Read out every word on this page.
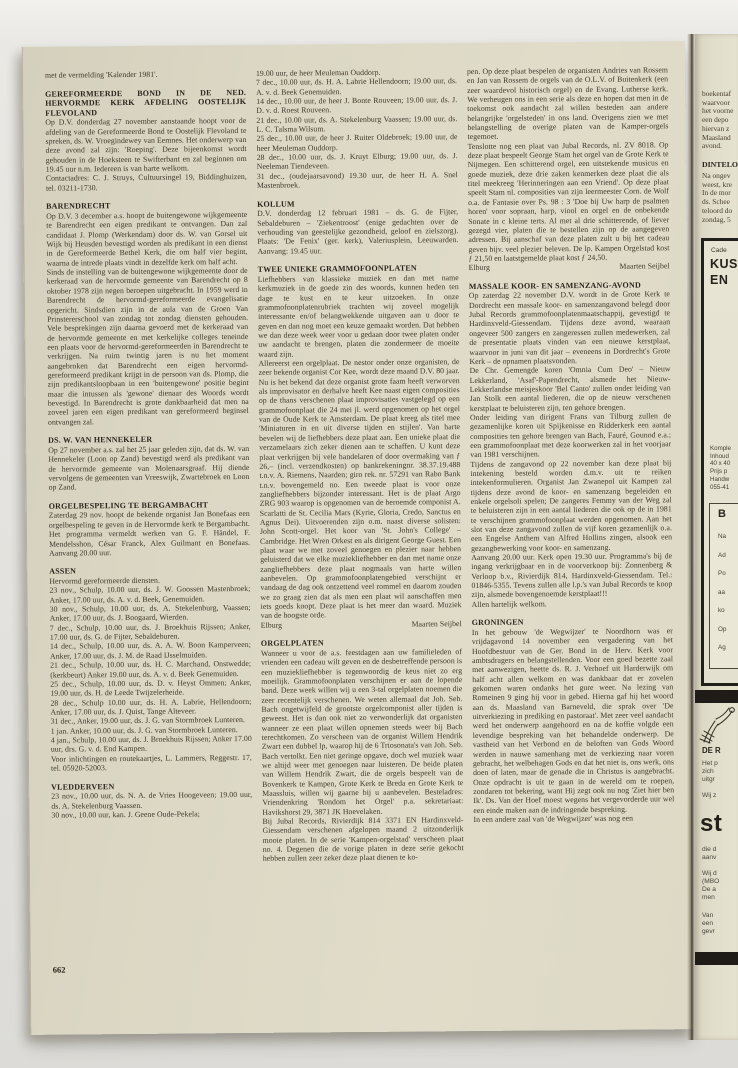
met de vermelding 'Kalender 1981'.
GEREFORMEERDE BOND IN DE NED. HERVORMDE KERK AFDELING OOSTELIJK FLEVOLAND
Op D.V. donderdag 27 november aanstaande hoopt voor de afdeling van de Gereformeerde Bond te Oostelijk Flevoland te spreken, ds. W. Vroegindewey van Eemnes. Het onderwerp van deze avond zal zijn: 'Roeping'. Deze bijeenkomst wordt gehouden in de Hoeksteen te Swifterbant en zal beginnen om 19.45 uur n.m. Iedereen is van harte welkom.
Contactadres: C. J. Struys, Cultuursingel 19, Biddinghuizen, tel. 03211-1730.
BARENDRECHT
Op D.V. 3 december a.s. hoopt de buitengewone wijkgemeente te Barendrecht een eigen predikant te ontvangen. Dan zal candidaat J. Plomp (Werkendam) door ds. W. van Gorsel uit Wijk bij Heusden bevestigd worden als predikant in een dienst in de Gereformeerde Bethel Kerk, die om half vier begint, waarna de intrede plaats vindt in dezelfde kerk om half acht.
Sinds de instelling van de buitengewone wijkgemeente door de kerkeraad van de hervormde gemeente van Barendrecht op 8 oktober 1978 zijn negen beroepen uitgebracht. In 1959 werd in Barendrecht de hervormd-gereformeerde evangelisatie opgericht. Sindsdien zijn in de aula van de Groen Van Prinstererschool van zondag tot zondag diensten gehouden. Vele besprekingen zijn daarna gevoerd met de kerkeraad van de hervormde gemeente en met kerkelijke colleges teneinde een plaats voor de hervormd-gereformeerden in Barendrecht te verkrijgen. Na ruim twintig jaren is nu het moment aangebroken dat Barendrecht een eigen hervormd-gereformeerd predikant krijgt in de persoon van ds. Plomp, die zijn predikantsloopbaan in een 'buitengewone' positie begint maar die intussen als 'gewone' dienaar des Woords wordt bevestigd. In Barendrecht is grote dankbaarheid dat men na zoveel jaren een eigen predikant van gereformeerd beginsel ontvangen zal.
DS. W. VAN HENNEKELER
Op 27 november a.s. zal het 25 jaar geleden zijn, dat ds. W. van Hennekeler (Loon op Zand) bevestigd werd als predikant van de hervormde gemeente van Molenaarsgraaf. Hij diende vervolgens de gemeenten van Vreeswijk, Zwartebroek en Loon op Zand.
ORGELBESPELING TE BERGAMBACHT
Zaterdag 29 nov. hoopt de bekende organist Jan Bonefaas een orgelbespeling te geven in de Hervormde kerk te Bergambacht. Het programma vermeldt werken van G. F. Händel, F. Mendelsshon, César Franck, Alex Guilmant en Bonefaas. Aanvang 20.00 uur.
ASSEN
Hervormd gereformeerde diensten.
23 nov., Schulp, 10.00 uur, ds. J. W. Goossen Mastenbroek; Anker, 17.00 uur, ds. A. v. d. Beek, Genemuiden.
30 nov., Schulp, 10.00 uur, ds. A. Stekelenburg, Vaassen; Anker, 17.00 uur, ds. J. Boogaard, Wierden.
7 dec., Schulp, 10.00 uur, ds. J. Broekhuis Rijssen; Anker, 17.00 uur, ds. G. de Fijter, Sebaldeburen.
14 dec., Schulp, 10.00 uur, ds. A. A. W. Boon Kamperveen; Anker, 17.00 uur, ds. J. M. de Raad IJsselmuiden.
21 dec., Schulp, 10.00 uur, ds. H. C. Marchand, Onstwedde; (kerkbeurt) Anker 19.00 uur, ds. A. v. d. Beek Genemuiden.
25 dec., Schulp, 10.00 uur, ds. D. v. Heyst Ommen; Anker, 19.00 uur, ds. H. de Leede Twijzelerheide.
28 dec., Schulp 10.00 uur, ds. H. A. Labrie, Hellendoorn; Anker, 17.00 uur, ds. J. Quist, Tange Alteveer.
31 dec., Anker, 19.00 uur, ds. J. G. van Stormbroek Lunteren.
1 jan. Anker, 10.00 uur, ds. J. G. van Stormbroek Lunteren.
4 jan., Schulp, 10.00 uur, ds. J. Broekhuis Rijssen; Anker 17.00 uur, drs. G. v. d. End Kampen.
Voor inlichtingen en routekaartjes, L. Lammers, Reggestr. 17, tel. 05920-52003.
VLEDDERVEEN
23 nov., 10.00 uur, ds. N. A. de Vries Hoogeveen; 19.00 uur, ds. A. Stekelenburg Vaassen.
30 nov., 10.00 uur, kan. J. Geene Oude-Pekela;
19.00 uur, de heer Meuleman Ouddorp.
7 dec., 10.00 uur, ds. H. A. Labrie Hellendoorn; 19.00 uur, ds. A. v. d. Beek Genemuiden.
14 dec., 10.00 uur, de heer J. Bonte Rouveen; 19.00 uur, ds. J. D. v. d. Roest Rouveen.
21 dec., 10.00 uur, ds. A. Stekelenburg Vaassen; 19.00 uur, ds. L. C. Talsma Wilsum.
25 dec., 10.00 uur, de heer J. Ruiter Oldebroek; 19.00 uur, de heer Meuleman Ouddorp.
28 dec., 10.00 uur, ds. J. Kruyt Elburg; 19.00 uur, ds. J. Neeleman Tiendeveen.
31 dec., (oudejaarsavond) 19.30 uur, de heer H. A. Snel Mastenbroek.
KOLLUM
D.V. donderdag 12 februari 1981 – ds. G. de Fijter, Sebaldeburen – 'Ziekentroost' (enige gedachten over de verhouding van geestelijke gezondheid, geloof en zielszorg). Plaats: 'De Fenix' (ger. kerk), Valeriusplein, Leeuwarden. Aanvang: 19.45 uur.
TWEE UNIEKE GRAMMOFOONPLATEN
Liefhebbers van klassieke muziek en dan met name kerkmuziek in de goede zin des woords, kunnen heden ten dage te kust en te keur uitzoeken. In onze grammofoonplatenrubriek trachten wij zoveel mogelijk interessante en/of belangwekkende uitgaven aan u door te geven en dan nog moet een keuze gemaakt worden. Dat hebben we dan deze week weer voor u gedaan door twee platen onder uw aandacht te brengen, platen die zondermeer de moeite waard zijn.
Allereerst een orgelplaat. De nestor onder onze organisten, de zeer bekende organist Cor Kee, wordt deze maand D.V. 80 jaar. Nu is het bekend dat deze organist grote faam heeft verworven als improvisator en derhalve heeft Kee naast eigen composities op de thans verschenen plaat improvisaties vastgelegd op een grammofoonplaat die 24 mei jl. werd opgenomen op het orgel van de Oude Kerk te Amsterdam. De plaat kreeg als titel mee 'Miniaturen in en uit diverse tijden en stijlen'. Van harte bevelen wij de liefhebbers deze plaat aan. Een unieke plaat die verzamelaars zich zeker dienen aan te schaffen. U kunt deze plaat verkrijgen bij vele handelaren of door overmaking van ƒ 26,– (incl. verzendkosten) op bankrekeningnr. 38.37.19.488 t.n.v. A. Riemens, Naarden; giro rek. nr. 57291 van Rabo Bank t.n.v. bovengemeld no. Een tweede plaat is voor onze zangliefhebbers bijzonder interessant. Het is de plaat Argo ZRG 903 waarop is opgenomen van de beroemde componist A. Scarlatti de St. Cecilia Mars (Kyrie, Gloria, Credo, Sanctus en Agnus Dei). Uitvoerenden zijn o.m. naast diverse solisten: John Scott-orgel. Het koor van 'St. John's College' – Cambridge. Het Wren Orkest en als dirigent George Guest. Een plaat waar we met zoveel genoegen en plezier naar hebben geluisterd dat we elke muziekliefhebber en dan met name onze zangliefhebbers deze plaat nogmaals van harte willen aanbevelen. Op grammofoonplatengebied verschijnt er vandaag de dag ook ontzettend veel rommel en daarom zouden we zo graag zien dat als men een plaat wil aanschaffen men iets goeds koopt. Deze plaat is het meer dan waard. Muziek van de hoogste orde.
Elburg	Maarten Seijbel
ORGELPLATEN
Wanneer u voor de a.s. feestdagen aan uw familieleden of vrienden een cadeau wilt geven en de desbetreffende persoon is een muziekliefhebber is tegenwoordig de keus niet zo erg moeilijk. Grammofoonplaten verschijnen er aan de lopende band. Deze week willen wij u een 3-tal orgelplaten noemen die zeer recentelijk verschenen. We weten allemaal dat Joh. Seb. Bach ongetwijfeld de grootste orgelcomponist aller tijden is geweest. Het is dan ook niet zo verwonderlijk dat organisten wanneer ze een plaat willen opnemen steeds weer bij Bach terechtkomen. Zo verscheen van de organist Willem Hendrik Zwart een dubbel lp, waarop hij de 6 Triosonata's van Joh. Seb. Bach vertolkt. Een niet geringe opgave, doch wel muziek waar we altijd weer met genoegen naar luisteren. De beide platen van Willem Hendrik Zwart, die de orgels bespeelt van de Bovenkerk te Kampen, Grote Kerk te Breda en Grote Kerk te Maassluis, willen wij gaarne bij u aanbevelen. Besteladres: Vriendenkring 'Rondom het Orgel' p.a. sekretariaat: Havikshorst 29, 3871 JK Hoevelaken.
Bij Jubal Records, Rivierdijk 814 3371 EN Hardinxveld-Giessendam verschenen afgelopen maand 2 uitzonderlijk mooie platen. In de serie 'Kampen-orgelstad' verscheen plaat no. 4. Degenen die de vorige platen in deze serie gekocht hebben zullen zeer zeker deze plaat dienen te ko-
pen. Op deze plaat bespelen de organisten Andries van Rossem en Jan van Rossem de orgels van de O.L.V. of Buitenkerk (een zeer waardevol historisch orgel) en de Evang. Lutherse kerk. We verheugen ons in een serie als deze en hopen dat men in de toekomst ook aandacht zal willen besteden aan andere belangrijke 'orgelsteden' in ons land. Overigens zien we met belangstelling de overige platen van de Kamper-orgels tegemoet.
Tenslotte nog een plaat van Jubal Records, nl. ZV 8018. Op deze plaat bespeelt George Stam het orgel van de Grote Kerk te Nijmegen. Een schitterend orgel, een uitstekende musicus en goede muziek, deze drie zaken kenmerken deze plaat die als titel meekreeg 'Herinneringen aan een Vriend'. Op deze plaat speelt Stam nl. composities van zijn leermeester Corn. de Wolf o.a. de Fantasie over Ps. 98 : 3 'Doe bij Uw harp de psalmen horen' voor sopraan, harp, viool en orgel en de onbekende Sonate in c kleine terts. Al met al drie schitterende, of liever gezegd vier, platen die te bestellen zijn op de aangegeven adressen. Bij aanschaf van deze platen zult u bij het cadeau geven bijv. veel plezier beleven. De lp. Kampen Orgelstad kost ƒ 21,50 en laatstgemelde plaat kost ƒ 24,50.
Elburg	Maarten Seijbel
MASSALE KOOR- EN SAMENZANG-AVOND
Op zaterdag 22 november D.V. wordt in de Grote Kerk te Dordrecht een massale koor- en samenzangavond belegd door Jubal Records grammofoonplatenmaatschappij, gevestigd te Hardinxveld-Giessendam. Tijdens deze avond, waaraan ongeveer 500 zangers en zangeressen zullen medewerken, zal de presentatie plaats vinden van een nieuwe kerstplaat, waarvoor in juni van dit jaar – eveneens in Dordrecht's Grote Kerk – de opnamen plaatsvonden.
De Chr. Gemengde koren 'Omnia Cum Deo' – Nieuw Lekkerland, 'Asaf'-Papendrecht, alsmede het Nieuw-Lekkerlandse meisjeskoor 'Bel Canto' zullen onder leiding van Jan Stolk een aantal liederen, die op de nieuw verschenen kerstplaat te beluisteren zijn, ten gehore brengen.
Onder leiding van dirigent Frans van Tilburg zullen de gezamenlijke koren uit Spijkenisse en Ridderkerk een aantal composities ten gehore brengen van Bach, Fauré, Gounod e.a.; een grammofoonplaat met deze koorwerken zal in het voorjaar van 1981 verschijnen.
Tijdens de zangavond op 22 november kan deze plaat bij intekening besteld worden d.m.v. uit te reiken intekenformulieren. Organist Jan Zwanepol uit Kampen zal tijdens deze avond de koor- en samenzang begeleiden en enkele orgelsoli spelen; De zangeres Femmy van der Weg zal te beluisteren zijn in een aantal liederen die ook op de in 1981 te verschijnen grammofoonplaat werden opgenomen. Aan het slot van deze zangavond zullen de vijf koren gezamenlijk o.a. een Engelse Anthem van Alfred Hollins zingen, alsook een gezangbewerking voor koor- en samenzang.
Aanvang 20.00 uur. Kerk open 19.30 uur. Programma's bij de ingang verkrijgbaar en in de voorverkoop bij: Zonnenberg & Verloop b.v., Rivierdijk 814, Hardinxveld-Giessendam. Tel.: 01846-5355. Tevens zullen alle l.p.'s van Jubal Records te koop zijn, alsmede bovengenoemde kerstplaat!!!
Allen hartelijk welkom.
GRONINGEN
In het gebouw 'de Wegwijzer' te Noordhorn was er vrijdagavond 14 november een vergadering van het Hoofdbestuur van de Ger. Bond in de Herv. Kerk voor ambtsdragers en belangstellenden. Voor een goed bezette zaal met aanwezigen, heette ds. R. J. Verhoef uit Harderwijk om half acht allen welkom en was dankbaar dat er zovelen gekomen waren ondanks het gure weer. Na lezing van Romeinen 9 ging hij voor in gebed. Hierna gaf hij het woord aan ds. Maasland van Barneveld, die sprak over 'De uitverkiezing in prediking en pastoraat'. Met zeer veel aandacht werd het onderwerp aangehoord en na de koffie volgde een levendige bespreking van het behandelde onderwerp. De vastheid van het Verbond en de beloften van Gods Woord werden in nauwe samenhang met de verkiezing naar voren gebracht, het welbehagen Gods en dat het niet is, ons werk, ons doen of laten, maar de genade die in Christus is aangebracht. Onze opdracht is uit te gaan in de wereld om te roepen, zondaren tot bekering, want Hij zegt ook nu nog 'Ziet hier ben Ik'. Ds. Van der Hoef moest wegens het vergevorderde uur wel een einde maken aan de indringende bespreking.
In een andere zaal van 'de Wegwijzer' was nog een
662
boekentaf
waarvoor
het voorne
een depo
hiervan z
Maasland
avond.
DINTELO
Na ongev
weest, kre
In de mor
ds. Schee
teloord do
zondag, 5
Cade
KUS
EN
Komple
Inhoud
40 x 40
Prijs p
Handw
055-41
B
Na
Ad
Po
aa
ko
Op
Ag
DE R
Het p
zich
uitgr
Wij z
st
die d
aanv
Wij d
(MBO
De a
men
Van
een
gevr
